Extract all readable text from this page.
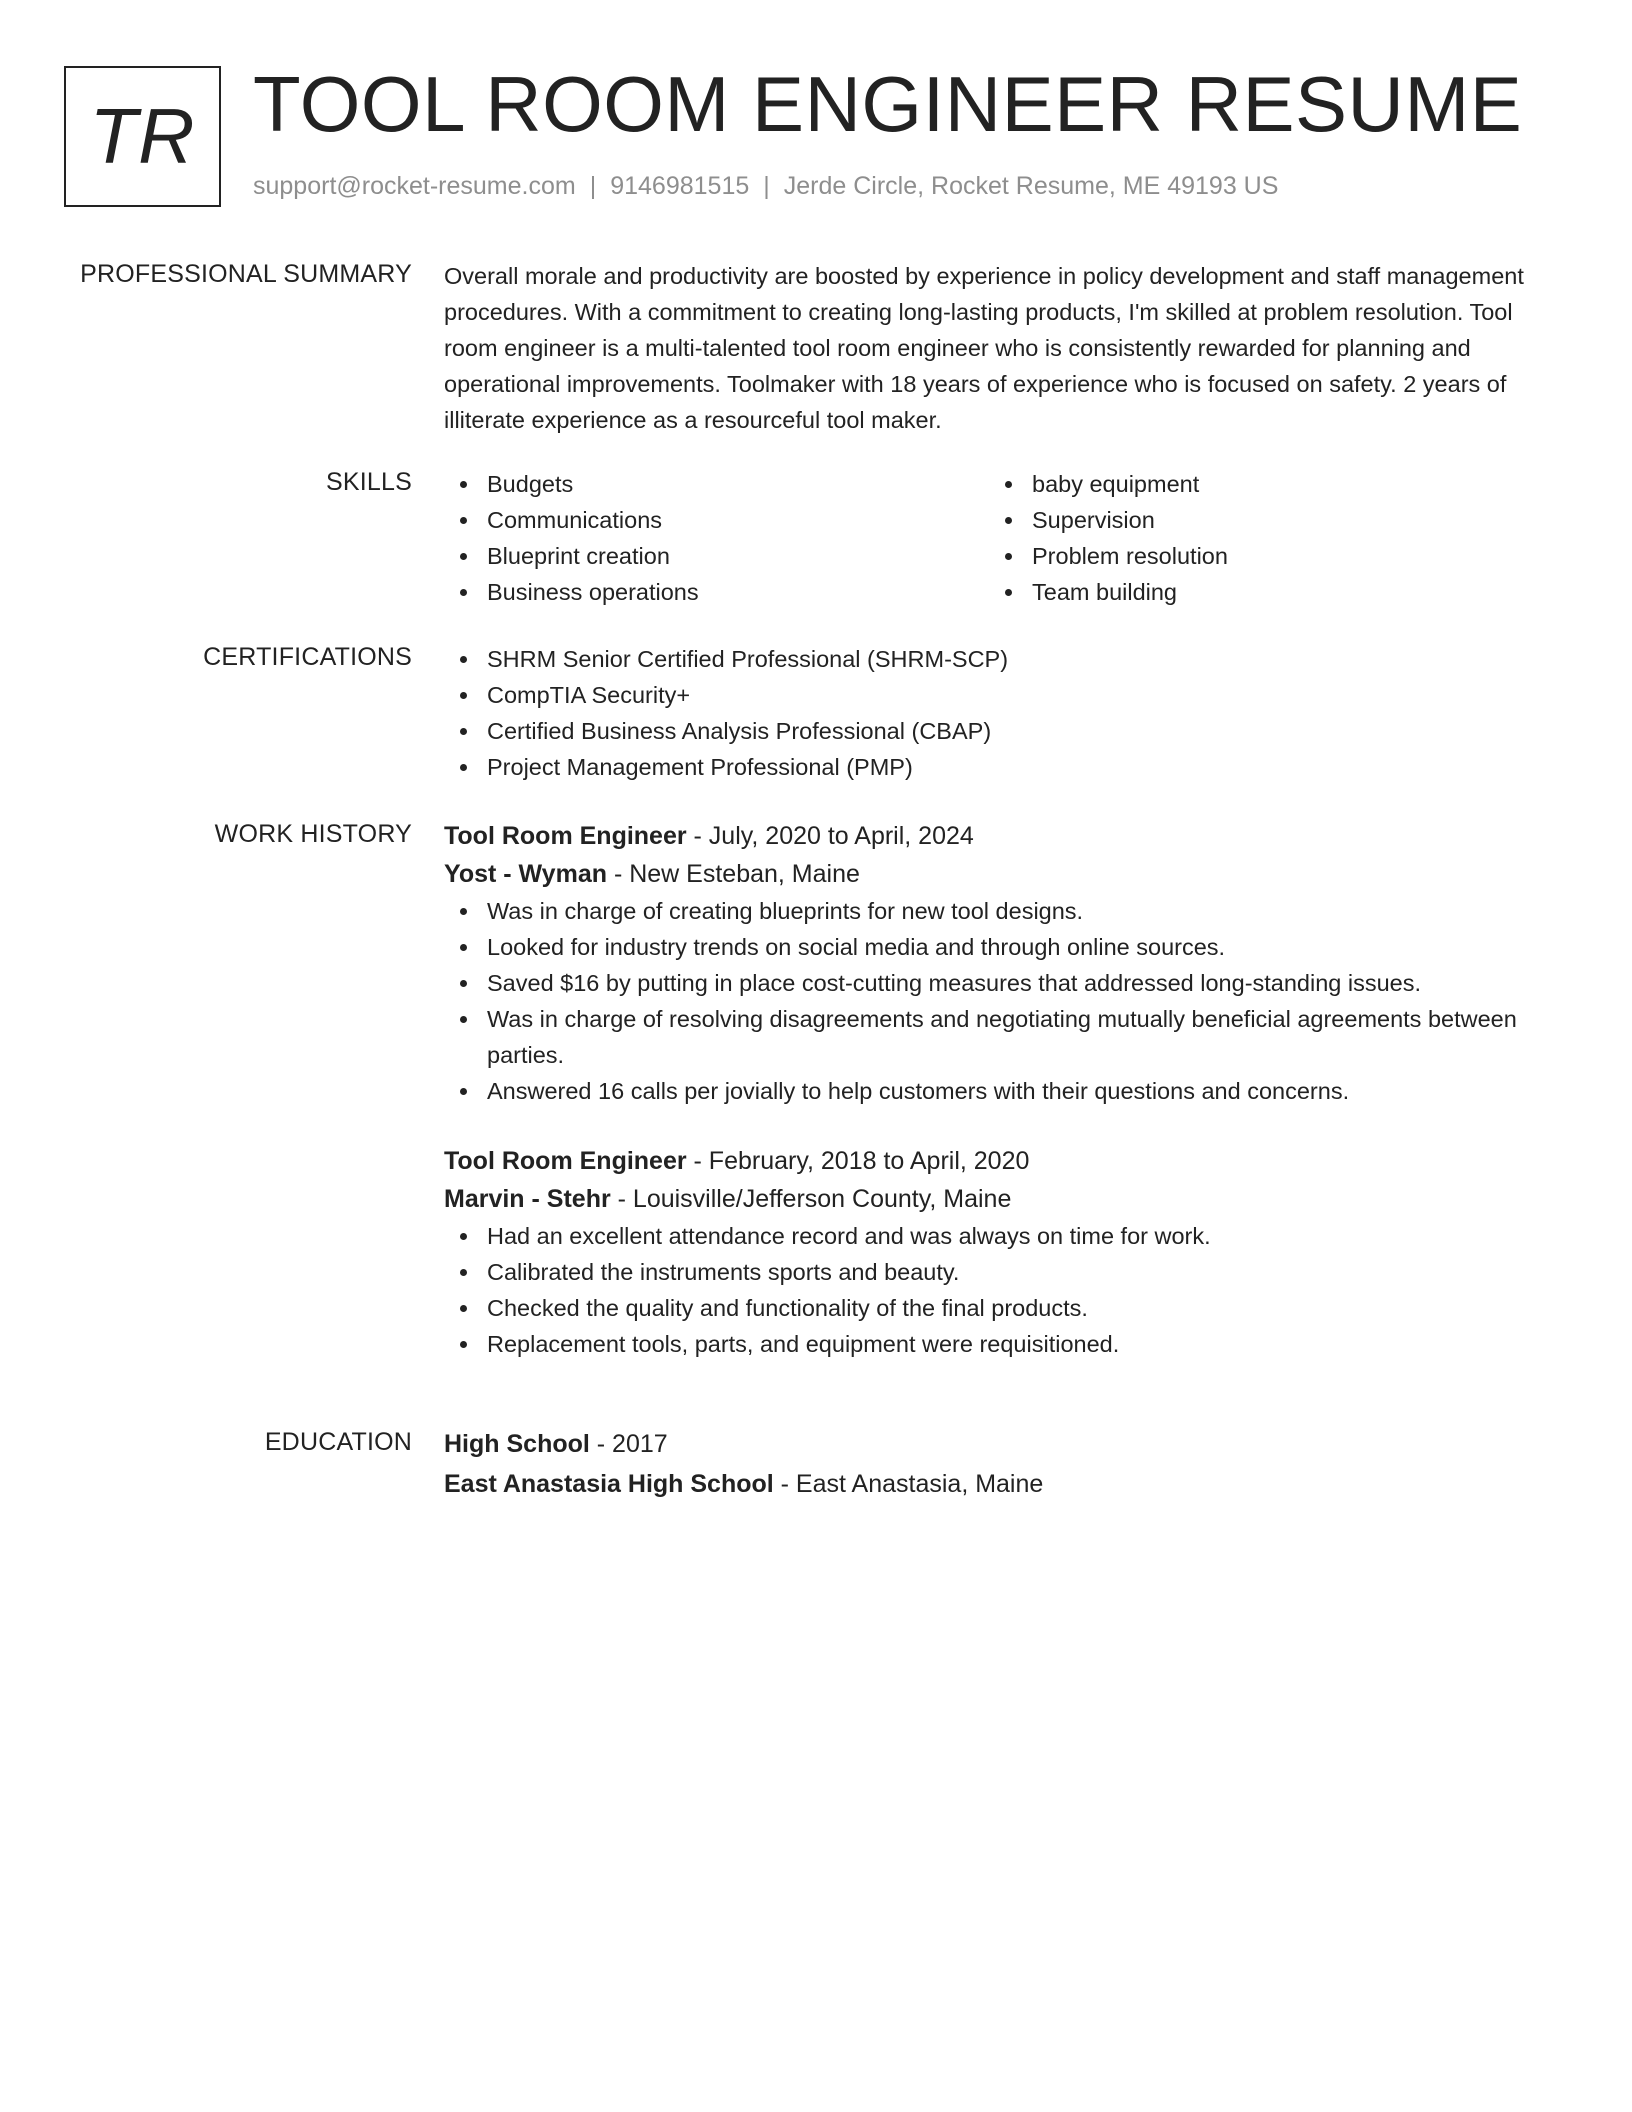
TR TOOL ROOM ENGINEER RESUME
support@rocket-resume.com | 9146981515 | Jerde Circle, Rocket Resume, ME 49193 US
PROFESSIONAL SUMMARY Overall morale and productivity are boosted by experience in policy development and staff management procedures. With a commitment to creating long-lasting products, I'm skilled at problem resolution. Tool room engineer is a multi-talented tool room engineer who is consistently rewarded for planning and operational improvements. Toolmaker with 18 years of experience who is focused on safety. 2 years of illiterate experience as a resourceful tool maker.

SKILLS	Budgets
Communications
Blueprint creation
Business operations
baby equipment
Supervision
Problem resolution
Team building
CERTIFICATIONS	SHRM Senior Certified Professional (SHRM-SCP)
CompTIA Security+
Certified Business Analysis Professional (CBAP)
Project Management Professional (PMP)
WORK HISTORY Tool Room Engineer - July, 2020 to April, 2024
Yost - Wyman - New Esteban, Maine
Was in charge of creating blueprints for new tool designs.
Looked for industry trends on social media and through online sources.
Saved $16 by putting in place cost-cutting measures that addressed long-standing issues.
Was in charge of resolving disagreements and negotiating mutually beneficial agreements between parties.
Answered 16 calls per jovially to help customers with their questions and concerns.
Tool Room Engineer - February, 2018 to April, 2020
Marvin - Stehr - Louisville/Jefferson County, Maine
Had an excellent attendance record and was always on time for work.
Calibrated the instruments sports and beauty.
Checked the quality and functionality of the final products.
Replacement tools, parts, and equipment were requisitioned.
EDUCATION High School - 2017
East Anastasia High School - East Anastasia, Maine
